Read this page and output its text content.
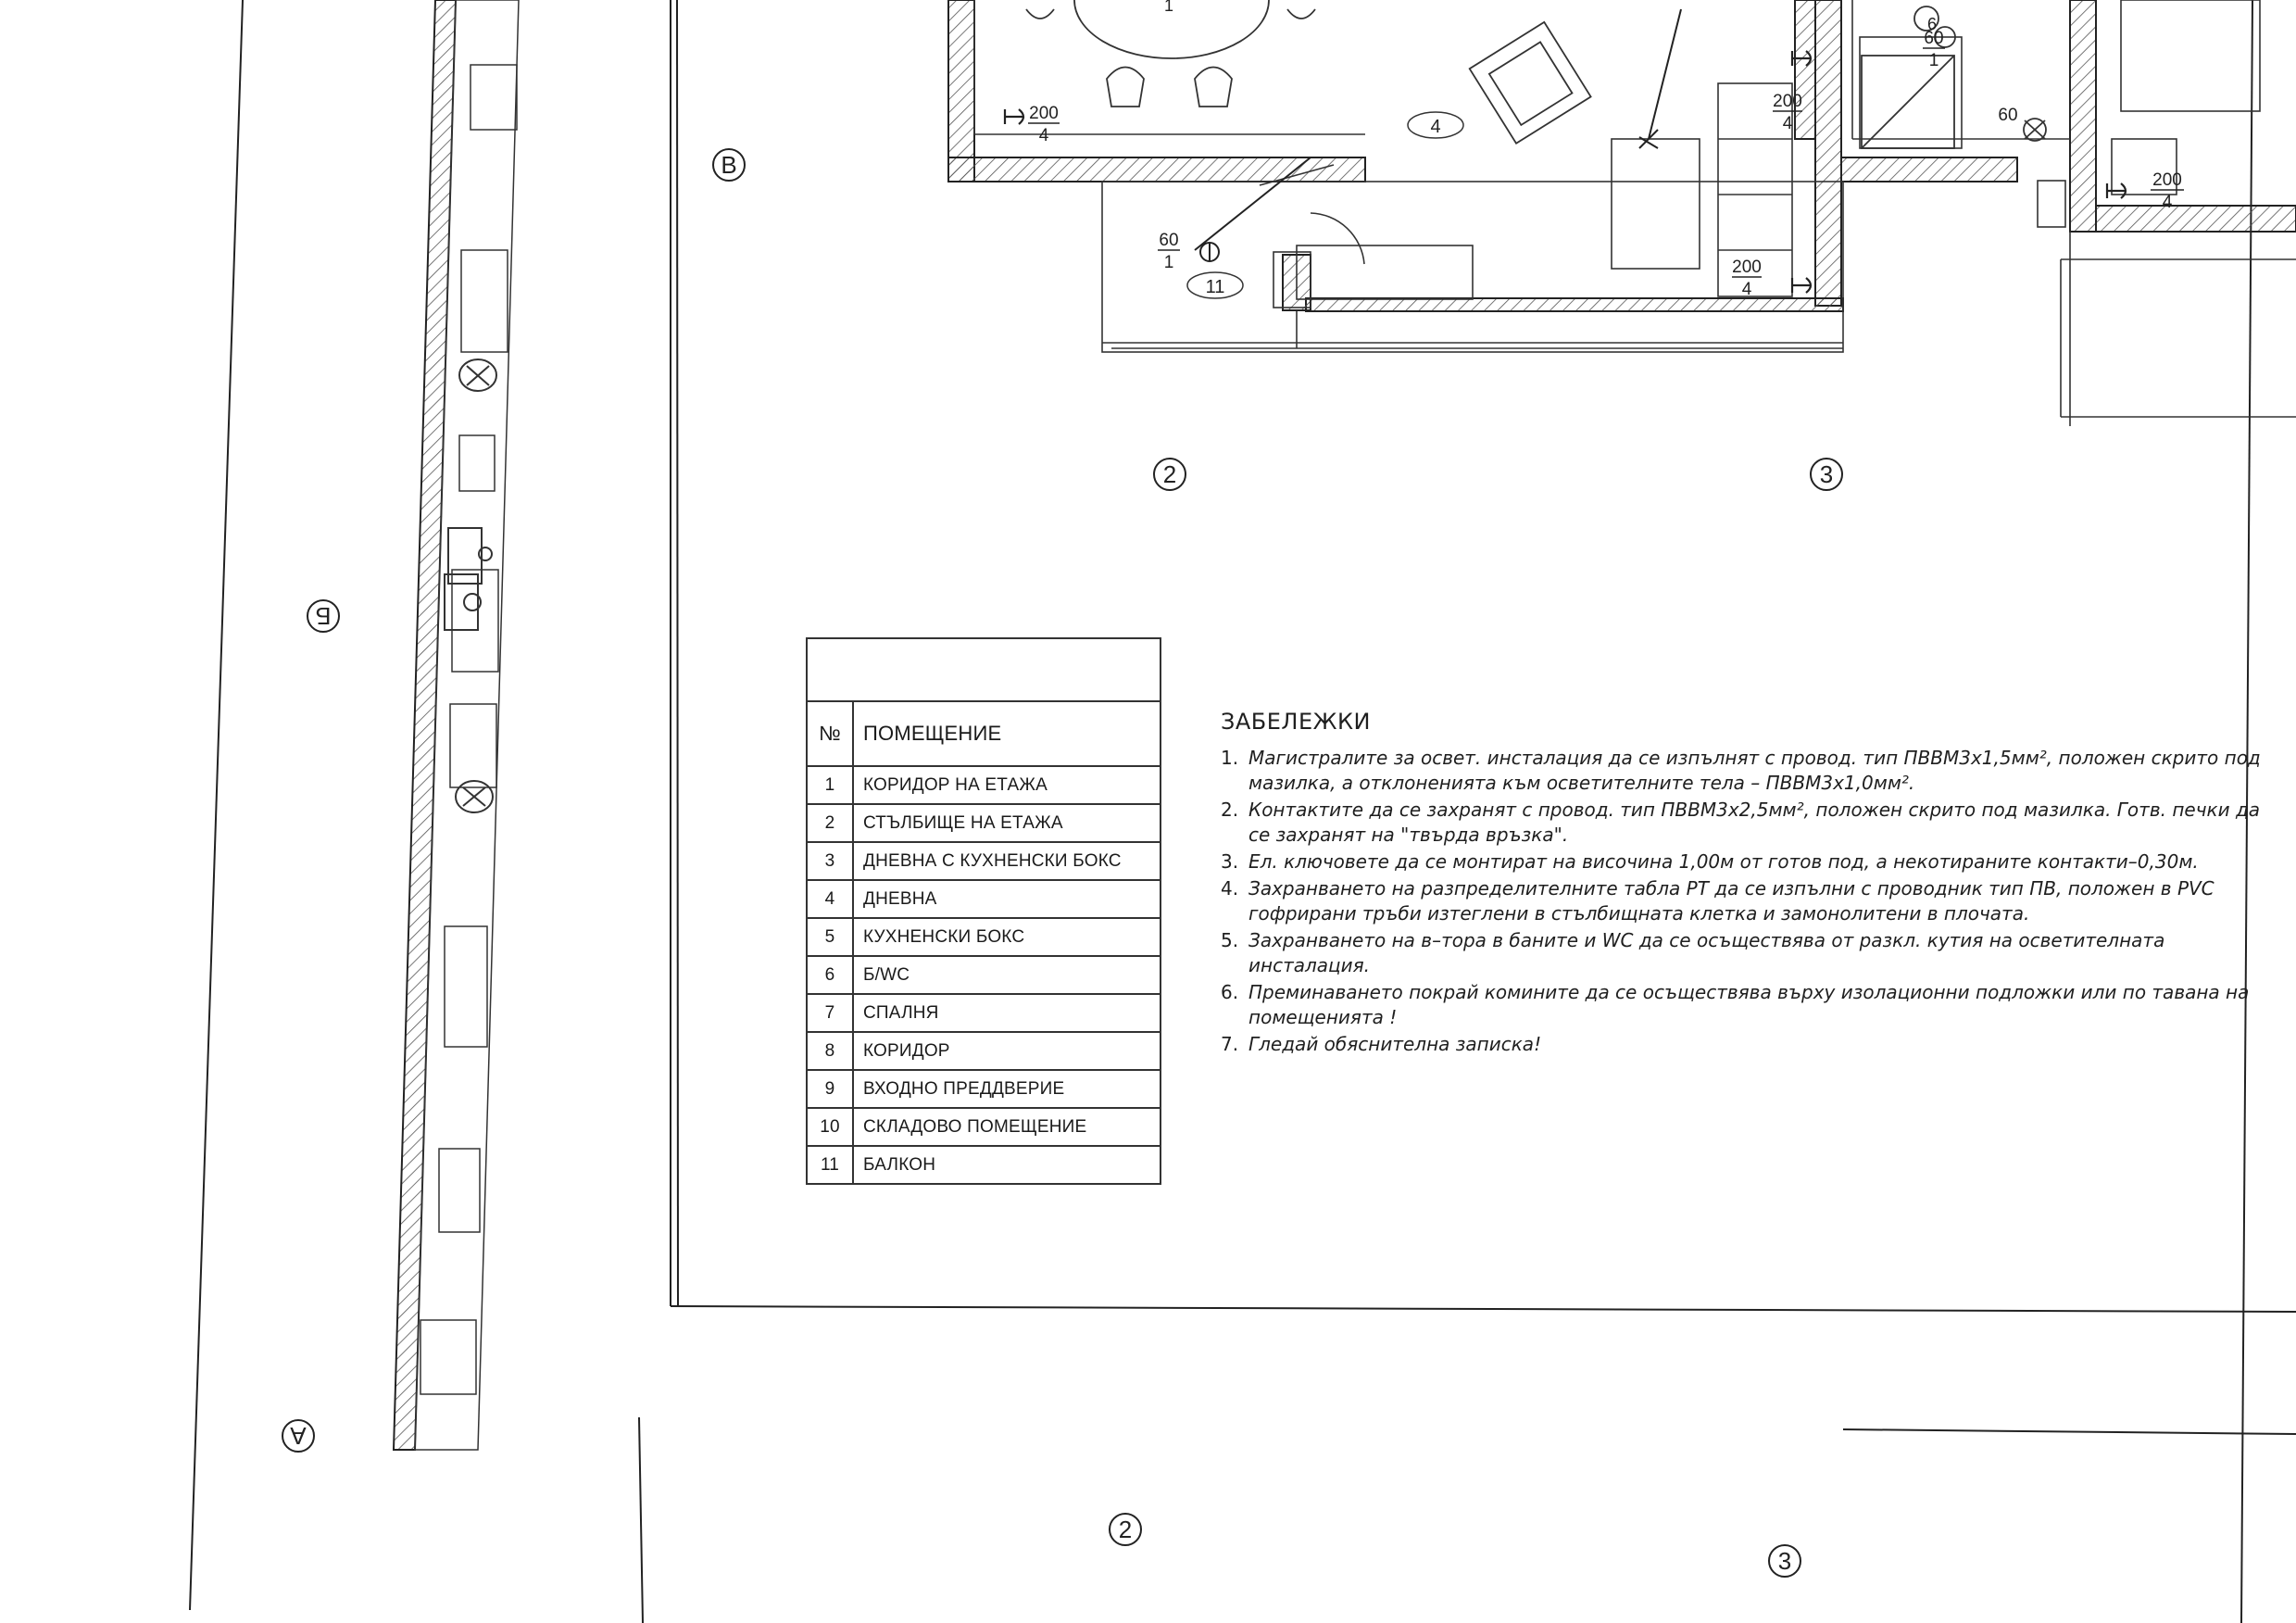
В
Б
А
2	3
2
3
4
11
1
6
200
4
200
4
200
4
200
4
60
1
60
1
60

№	ПОМЕЩЕНИЕ
1	КОРИДОР НА ЕТАЖА
2	СТЪЛБИЩЕ НА ЕТАЖА
3	ДНЕВНА С КУХНЕНСКИ БОКС
4	ДНЕВНА
5	КУХНЕНСКИ БОКС
6	Б/WC
7	СПАЛНЯ
8	КОРИДОР
9	ВХОДНО ПРЕДДВЕРИЕ
10	СКЛАДОВО ПОМЕЩЕНИЕ
11	БАЛКОН
ЗАБЕЛЕЖКИ
1. Магистралите за освет. инсталация да се изпълнят с провод. тип ПВВМ3х1,5мм², положен скрито под мазилка, а отклоненията към осветителните тела – ПВВМ3х1,0мм².
2. Контактите да се захранят с провод. тип ПВВМ3х2,5мм², положен скрито под мазилка. Готв. печки да се захранят на "твърда връзка".
3. Ел. ключовете да се монтират на височина 1,00м от готов под, а некотираните контакти–0,30м.
4. Захранването на разпределителните табла РТ да се изпълни с проводник тип ПВ, положен в PVC гофрирани тръби изтеглени в стълбищната клетка и замонолитени в плочата.
5. Захранването на в–тора в баните и WC да се осъществява от разкл. кутия на осветителната инсталация.
6. Преминаването покрай комините да се осъществява върху изолационни подложки или по тавана на помещенията !
7. Гледай обяснителна записка!
